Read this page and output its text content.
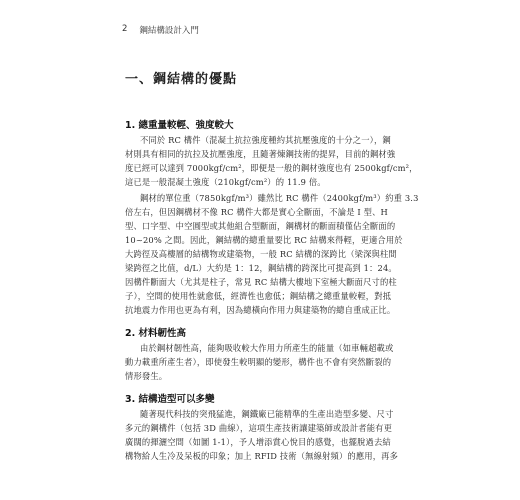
2 鋼結構設計入門
一、鋼結構的優點
1. 總重量較輕、強度較大
不同於 RC 構件（混凝土抗拉強度種約其抗壓強度的十分之一），鋼
材則具有相同的抗拉及抗壓強度，且隨著煉鋼技術的提昇，目前的鋼材強
度已經可以達到 7000kgf/cm²，即便是一般的鋼材強度也有 2500kgf/cm²，
這已是一般混凝土強度（210kgf/cm²）的 11.9 倍。
鋼材的單位重（7850kgf/m³）雖然比 RC 構件（2400kgf/m³）約重 3.3
倍左右，但因鋼構材不像 RC 構件大都是實心全斷面，不論是 I 型、H
型、口字型、中空圓型或其他組合型斷面，鋼構材的斷面積僅佔全斷面的
10~20% 之間。因此，鋼結構的總重量要比 RC 結構來得輕，更適合用於
大跨徑及高樓層的結構物或建築物，一般 RC 結構的深跨比（梁深與柱間
梁跨徑之比值，d/L）大約是 1：12，鋼結構的跨深比可提高到 1：24。
因構件斷面大（尤其是柱子，常見 RC 結構大樓地下室極大斷面尺寸的柱
子），空間的使用性就愈低，經濟性也愈低；鋼結構之總重量較輕，對抵
抗地震力作用也更為有利，因為總橫向作用力與建築物的總自重成正比。
2. 材料韌性高
由於鋼材韌性高，能夠吸收較大作用力所產生的能量（如車輛超載或
動力載重所產生者），即使發生較明顯的變形，構件也不會有突然斷裂的
情形發生。
3. 結構造型可以多變
隨著現代科技的突飛猛進，鋼鐵廠已能精準的生產出造型多變、尺寸
多元的鋼構件（包括 3D 曲線），這項生產技術讓建築師或設計者能有更
廣闊的揮灑空間（如圖 1-1），予人增添賞心悅目的感覺，也擺脫過去結
構物給人生冷及呆板的印象；加上 RFID 技術（無線射頻）的應用，再多
